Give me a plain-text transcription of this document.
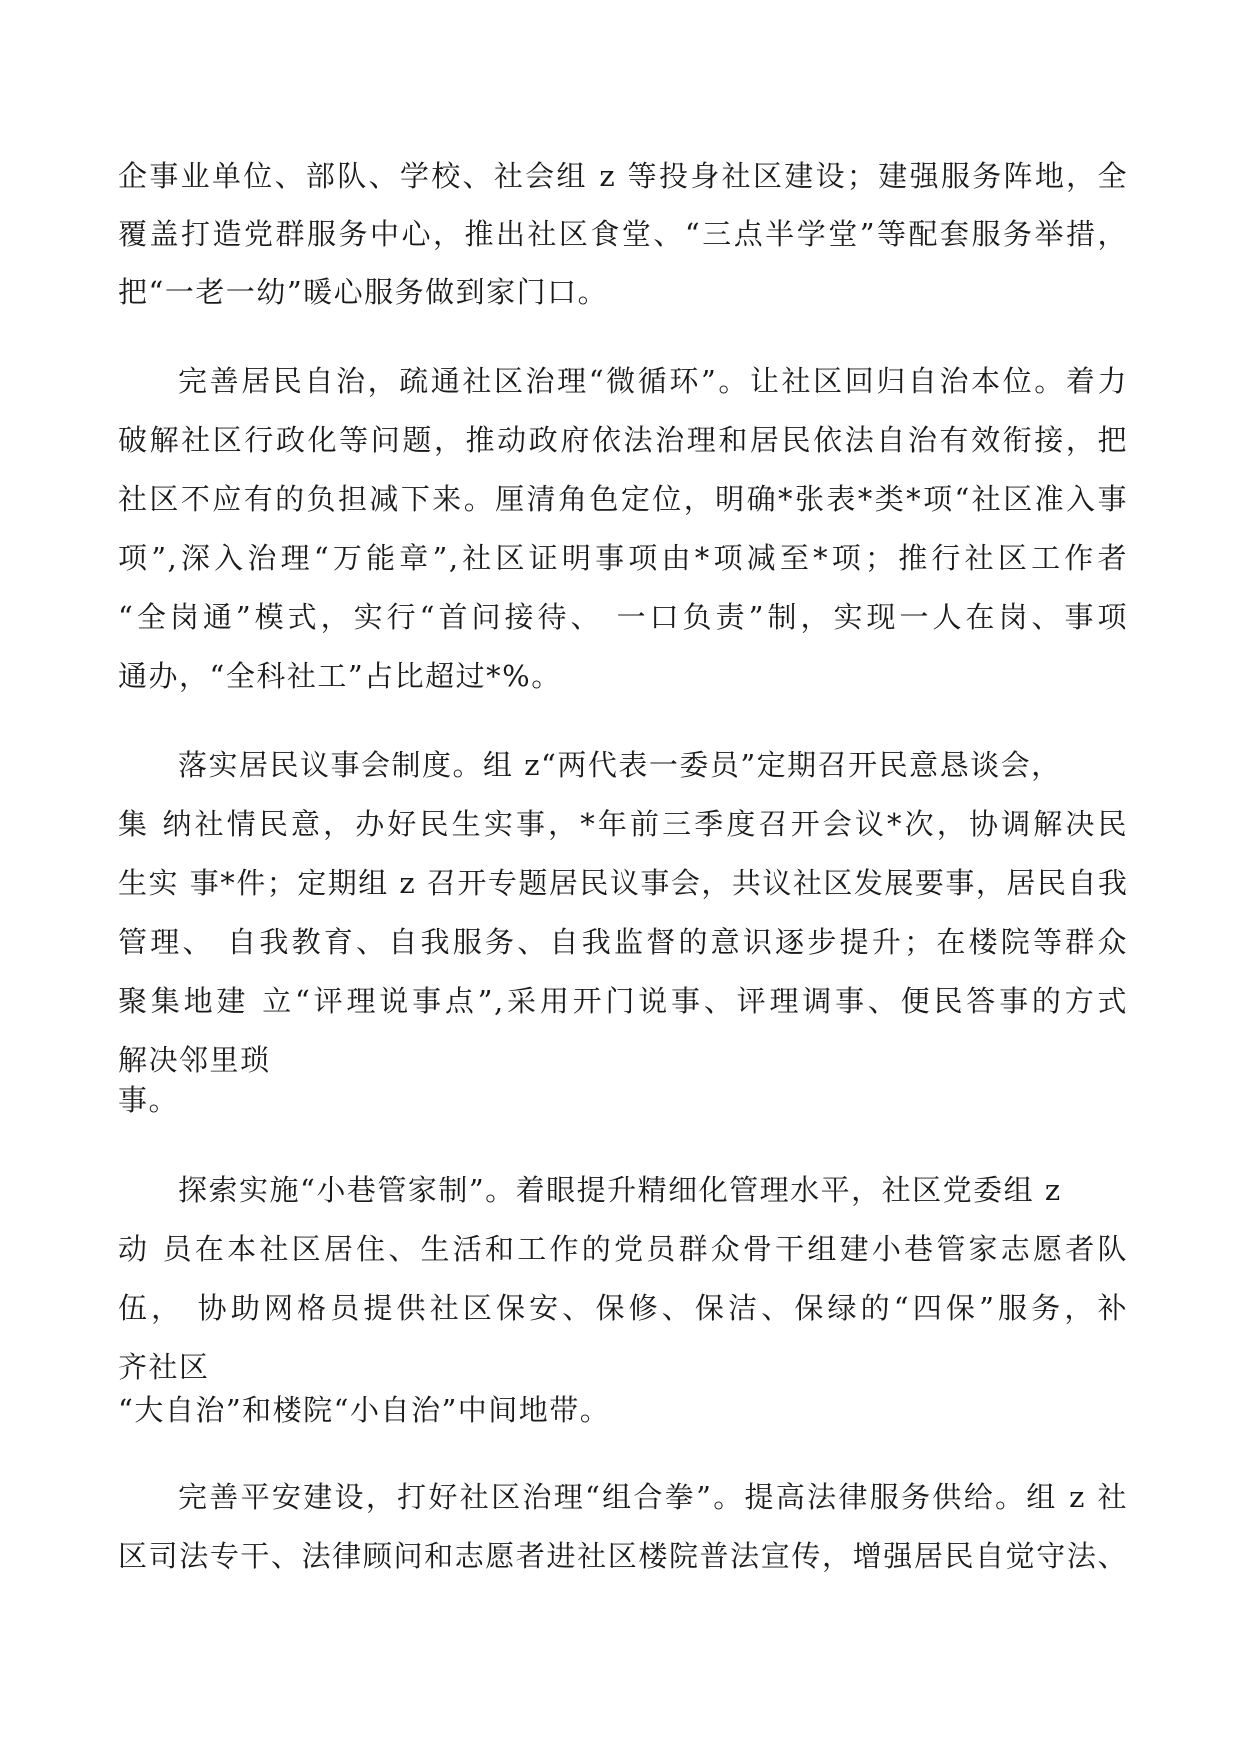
企事业单位、部队、学校、社会组 z 等投身社区建设；建强服务阵地，全
覆盖打造党群服务中心，推出社区食堂、“三点半学堂”等配套服务举措，
把“一老一幼”暖心服务做到家门口。
完善居民自治，疏通社区治理“微循环”。让社区回归自治本位。着力
破解社区行政化等问题，推动政府依法治理和居民依法自治有效衔接，把
社区不应有的负担减下来。厘清角色定位，明确*张表*类*项“社区准入事
项”,深入治理“万能章”,社区证明事项由*项减至*项；推行社区工作者
“全岗通”模式，实行“首问接待、 一口负责”制，实现一人在岗、事项
通办，“全科社工”占比超过*%。
落实居民议事会制度。组 z“两代表一委员”定期召开民意恳谈会，
集 纳社情民意，办好民生实事，*年前三季度召开会议*次，协调解决民
生实 事*件；定期组 z 召开专题居民议事会，共议社区发展要事，居民自我
管理、 自我教育、自我服务、自我监督的意识逐步提升；在楼院等群众
聚集地建 立“评理说事点”,采用开门说事、评理调事、便民答事的方式
解决邻里琐
事。
探索实施“小巷管家制”。着眼提升精细化管理水平，社区党委组 z
动 员在本社区居住、生活和工作的党员群众骨干组建小巷管家志愿者队
伍， 协助网格员提供社区保安、保修、保洁、保绿的“四保”服务，补
齐社区
“大自治”和楼院“小自治”中间地带。
完善平安建设，打好社区治理“组合拳”。提高法律服务供给。组 z 社
区司法专干、法律顾问和志愿者进社区楼院普法宣传，增强居民自觉守法、
